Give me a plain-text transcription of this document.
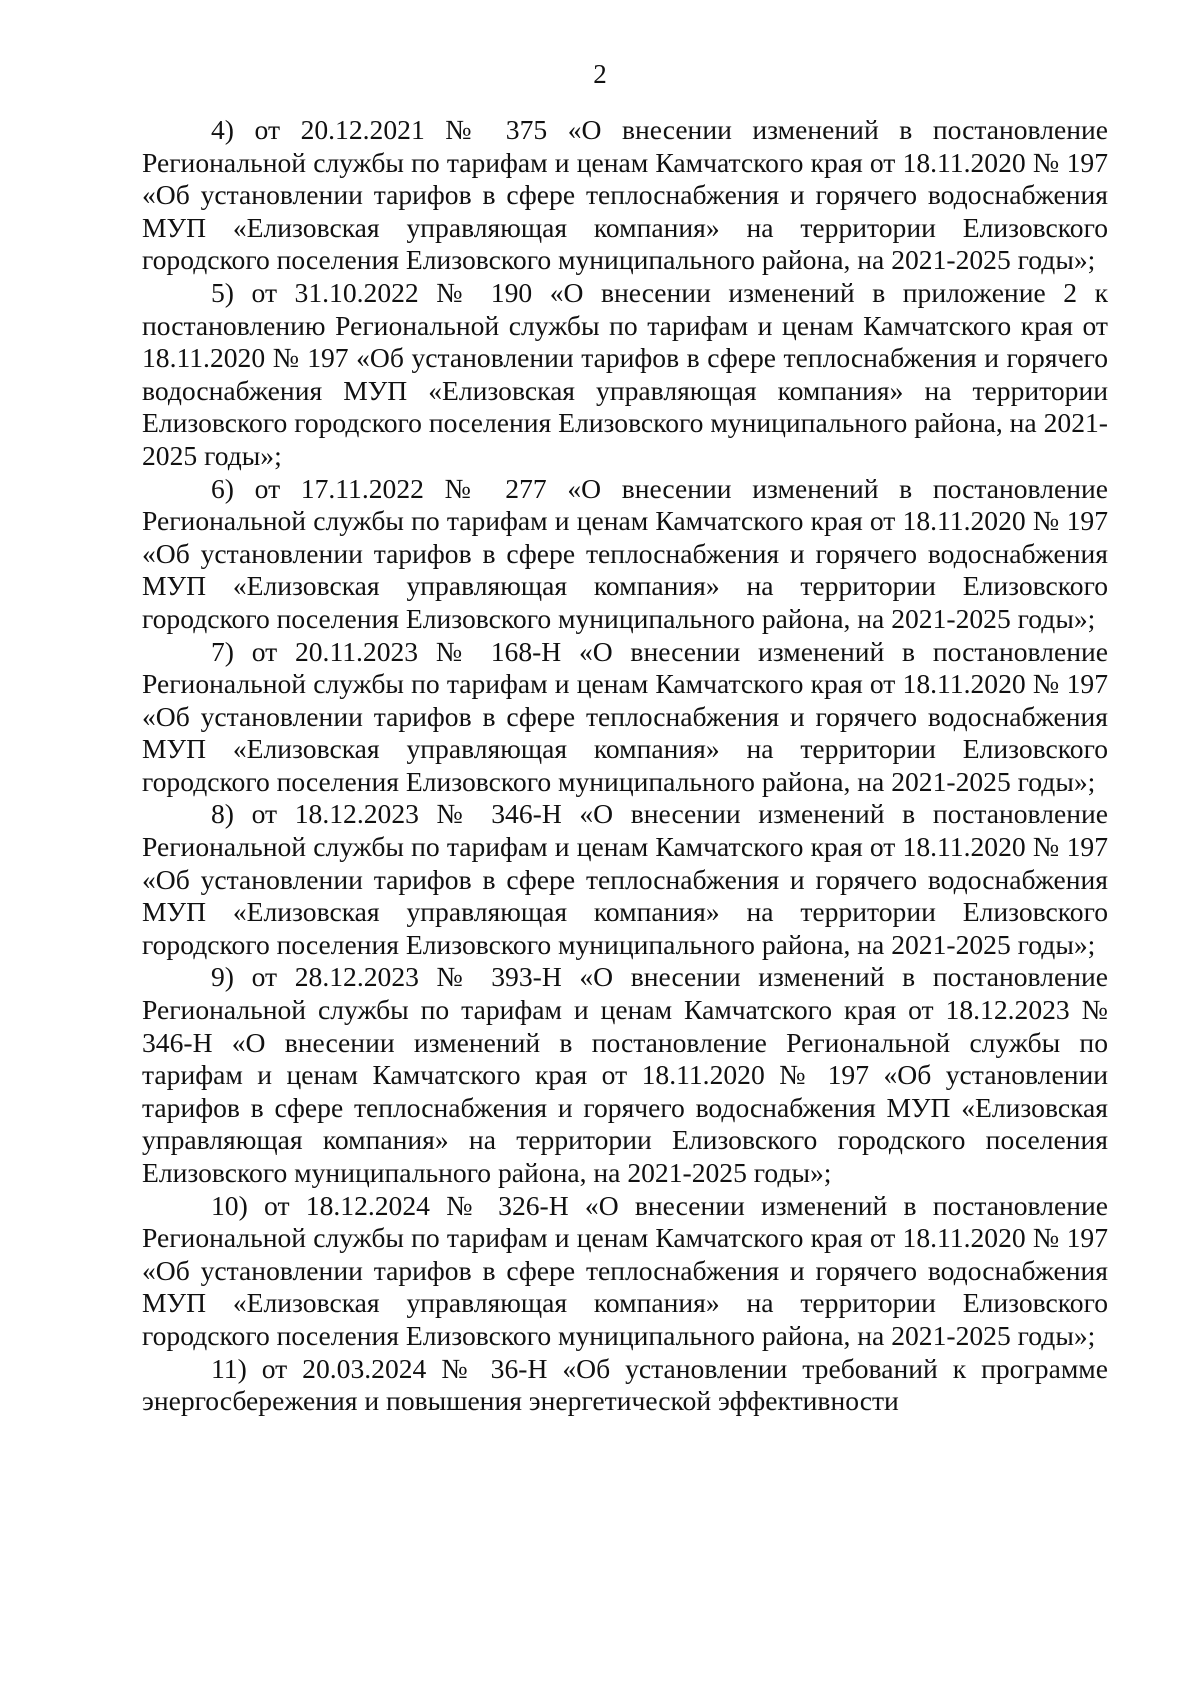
2

4) от 20.12.2021 № 375 «О внесении изменений в постановление Региональной службы по тарифам и ценам Камчатского края от 18.11.2020 № 197 «Об установлении тарифов в сфере теплоснабжения и горячего водоснабжения МУП «Елизовская управляющая компания» на территории Елизовского городского поселения Елизовского муниципального района, на 2021-2025 годы»;

5) от 31.10.2022 № 190 «О внесении изменений в приложение 2 к постановлению Региональной службы по тарифам и ценам Камчатского края от 18.11.2020 № 197 «Об установлении тарифов в сфере теплоснабжения и горячего водоснабжения МУП «Елизовская управляющая компания» на территории Елизовского городского поселения Елизовского муниципального района, на 2021-2025 годы»;

6) от 17.11.2022 № 277 «О внесении изменений в постановление Региональной службы по тарифам и ценам Камчатского края от 18.11.2020 № 197 «Об установлении тарифов в сфере теплоснабжения и горячего водоснабжения МУП «Елизовская управляющая компания» на территории Елизовского городского поселения Елизовского муниципального района, на 2021-2025 годы»;

7) от 20.11.2023 № 168-Н «О внесении изменений в постановление Региональной службы по тарифам и ценам Камчатского края от 18.11.2020 № 197 «Об установлении тарифов в сфере теплоснабжения и горячего водоснабжения МУП «Елизовская управляющая компания» на территории Елизовского городского поселения Елизовского муниципального района, на 2021-2025 годы»;

8) от 18.12.2023 № 346-Н «О внесении изменений в постановление Региональной службы по тарифам и ценам Камчатского края от 18.11.2020 № 197 «Об установлении тарифов в сфере теплоснабжения и горячего водоснабжения МУП «Елизовская управляющая компания» на территории Елизовского городского поселения Елизовского муниципального района, на 2021-2025 годы»;

9) от 28.12.2023 № 393-Н «О внесении изменений в постановление Региональной службы по тарифам и ценам Камчатского края от 18.12.2023 № 346-Н «О внесении изменений в постановление Региональной службы по тарифам и ценам Камчатского края от 18.11.2020 № 197 «Об установлении тарифов в сфере теплоснабжения и горячего водоснабжения МУП «Елизовская управляющая компания» на территории Елизовского городского поселения Елизовского муниципального района, на 2021-2025 годы»;

10) от 18.12.2024 № 326-Н «О внесении изменений в постановление Региональной службы по тарифам и ценам Камчатского края от 18.11.2020 № 197 «Об установлении тарифов в сфере теплоснабжения и горячего водоснабжения МУП «Елизовская управляющая компания» на территории Елизовского городского поселения Елизовского муниципального района, на 2021-2025 годы»;

11) от 20.03.2024 № 36-Н «Об установлении требований к программе энергосбережения и повышения энергетической эффективности
